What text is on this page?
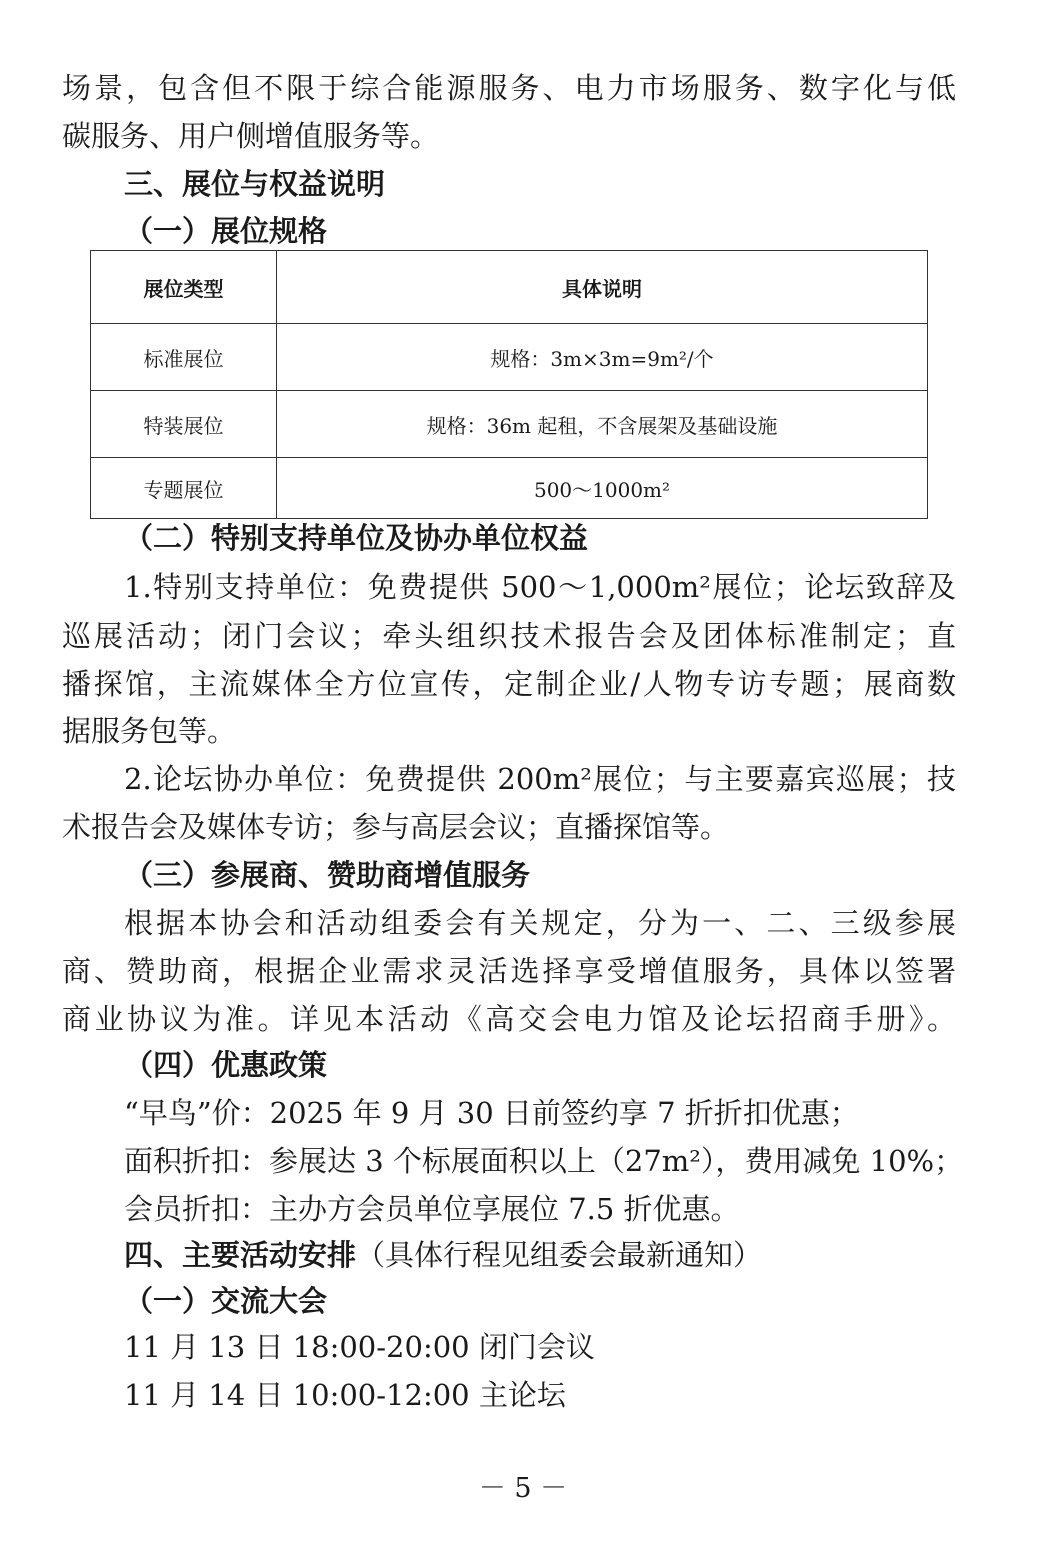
场景，包含但不限于综合能源服务、电力市场服务、数字化与低
碳服务、用户侧增值服务等。
三、展位与权益说明
（一）展位规格
展位类型	具体说明
标准展位	规格：3m×3m=9m²/个
特装展位	规格：36m 起租，不含展架及基础设施
专题展位	500～1000m²
（二）特别支持单位及协办单位权益
1.特别支持单位：免费提供 500～1,000m²展位；论坛致辞及
巡展活动；闭门会议；牵头组织技术报告会及团体标准制定；直
播探馆，主流媒体全方位宣传，定制企业/人物专访专题；展商数
据服务包等。
2.论坛协办单位：免费提供 200m²展位；与主要嘉宾巡展；技
术报告会及媒体专访；参与高层会议；直播探馆等。
（三）参展商、赞助商增值服务
根据本协会和活动组委会有关规定，分为一、二、三级参展
商、赞助商，根据企业需求灵活选择享受增值服务，具体以签署
商业协议为准。详见本活动《高交会电力馆及论坛招商手册》。
（四）优惠政策
“早鸟”价：2025 年 9 月 30 日前签约享 7 折折扣优惠；
面积折扣：参展达 3 个标展面积以上（27m²），费用减免 10%；
会员折扣：主办方会员单位享展位 7.5 折优惠。
四、主要活动安排（具体行程见组委会最新通知）
（一）交流大会
11 月 13 日 18:00-20:00 闭门会议
11 月 14 日 10:00-12:00 主论坛
－ 5 －
